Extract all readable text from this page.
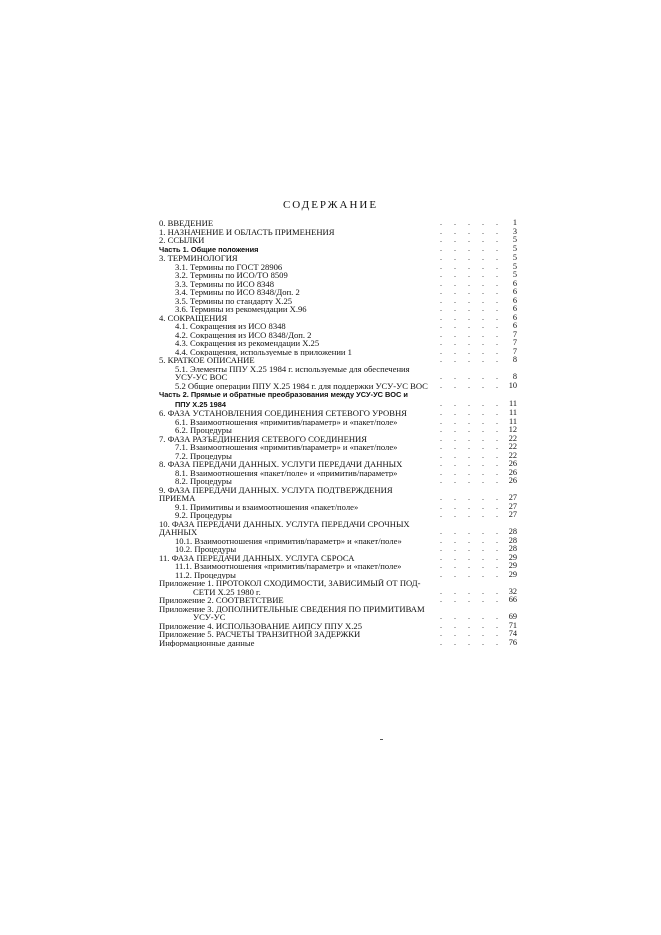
СОДЕРЖАНИЕ
0. ВВЕДЕНИЕ	. . . . . 1
1. НАЗНАЧЕНИЕ И ОБЛАСТЬ ПРИМЕНЕНИЯ	. . . . . 3
2. ССЫЛКИ	. . . . . 5
Часть 1. Общие положения	. . . . . 5
3. ТЕРМИНОЛОГИЯ	. . . . . 5
3.1. Термины по ГОСТ 28906	. . . . . 5
3.2. Термины по ИСО/ТО 8509	. . . . . 5
3.3. Термины по ИСО 8348	. . . . . 6
3.4. Термины по ИСО 8348/Доп. 2	. . . . . 6
3.5. Термины по стандарту Х.25	. . . . . 6
3.6. Термины из рекомендации Х.96	. . . . . 6
4. СОКРАЩЕНИЯ	. . . . . 6
4.1. Сокращения из ИСО 8348	. . . . . 6
4.2. Сокращения из ИСО 8348/Доп. 2	. . . . . 7
4.3. Сокращения из рекомендации Х.25	. . . . . 7
4.4. Сокращения, используемые в приложении 1	. . . . . 7
5. КРАТКОЕ ОПИСАНИЕ	. . . . . 8
5.1. Элементы ППУ Х.25 1984 г. используемые для обеспечения
УСУ-УС ВОС	. . . . . 8
5.2 Общие операции ППУ Х.25 1984 г. для поддержки УСУ-УС ВОС . . . . . 10
Часть 2. Прямые и обратные преобразования между УСУ-УС ВОС и
ППУ Х.25 1984	. . . . . 11
6. ФАЗА УСТАНОВЛЕНИЯ СОЕДИНЕНИЯ СЕТЕВОГО УРОВНЯ	. . . . . 11
6.1. Взаимоотношения «примитив/параметр» и «пакет/поле»	. . . . . 11
6.2. Процедуры	. . . . . 12
7. ФАЗА РАЗЪЕДИНЕНИЯ СЕТЕВОГО СОЕДИНЕНИЯ	. . . . . 22
7.1. Взаимоотношения «примитив/параметр» и «пакет/поле»	. . . . . 22
7.2. Процедуры	. . . . . 22
8. ФАЗА ПЕРЕДАЧИ ДАННЫХ. УСЛУГИ ПЕРЕДАЧИ ДАННЫХ	. . . . . 26
8.1. Взаимоотношения «пакет/поле» и «примитив/параметр»	. . . . . 26
8.2. Процедуры	. . . . . 26
9. ФАЗА ПЕРЕДАЧИ ДАННЫХ. УСЛУГА ПОДТВЕРЖДЕНИЯ
ПРИЕМА	. . . . . 27
9.1. Примитивы и взаимоотношения «пакет/поле»	. . . . . 27
9.2. Процедуры	. . . . . 27
10. ФАЗА ПЕРЕДАЧИ ДАННЫХ. УСЛУГА ПЕРЕДАЧИ СРОЧНЫХ
ДАННЫХ	. . . . . 28
10.1. Взаимоотношения «примитив/параметр» и «пакет/поле»	. . . . . 28
10.2. Процедуры	. . . . . 28
11. ФАЗА ПЕРЕДАЧИ ДАННЫХ. УСЛУГА СБРОСА	. . . . . 29
11.1. Взаимоотношения «примитив/параметр» и «пакет/поле»	. . . . . 29
11.2. Процедуры	. . . . . 29
Приложение 1. ПРОТОКОЛ СХОДИМОСТИ, ЗАВИСИМЫЙ ОТ ПОД-
СЕТИ Х.25 1980 г.	. . . . . 32
Приложение 2. СООТВЕТСТВИЕ	. . . . . 66
Приложение 3. ДОПОЛНИТЕЛЬНЫЕ СВЕДЕНИЯ ПО ПРИМИТИВАМ
УСУ-УС	. . . . . 69
Приложение 4. ИСПОЛЬЗОВАНИЕ АИПСУ ППУ Х.25	. . . . . 71
Приложение 5. РАСЧЕТЫ ТРАНЗИТНОЙ ЗАДЕРЖКИ	. . . . . 74
Информационные данные	. . . . . 76
